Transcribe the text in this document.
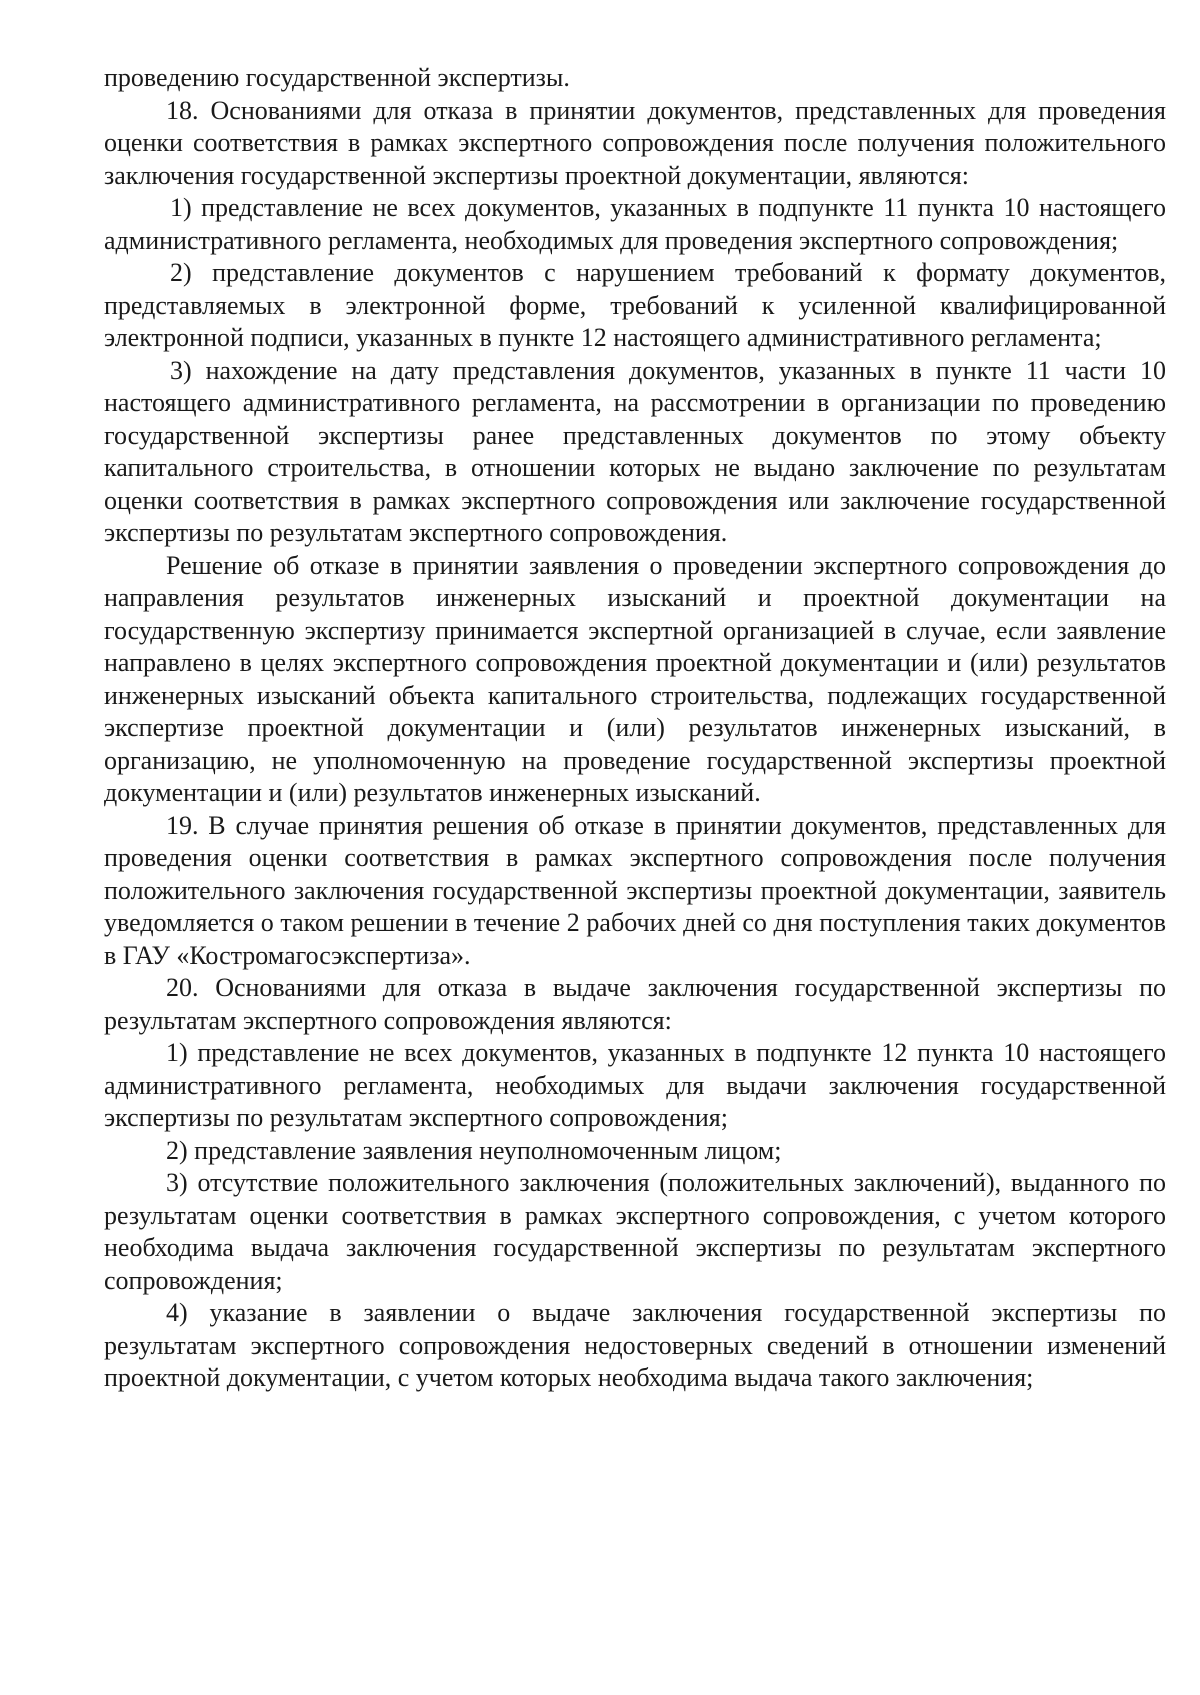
проведению государственной экспертизы.

18. Основаниями для отказа в принятии документов, представленных для проведения оценки соответствия в рамках экспертного сопровождения после получения положительного заключения государственной экспертизы проектной документации, являются:

1) представление не всех документов, указанных в подпункте 11 пункта 10 настоящего административного регламента, необходимых для проведения экспертного сопровождения;

2) представление документов с нарушением требований к формату документов, представляемых в электронной форме, требований к усиленной квалифицированной электронной подписи, указанных в пункте 12 настоящего административного регламента;

3) нахождение на дату представления документов, указанных в пункте 11 части 10 настоящего административного регламента, на рассмотрении в организации по проведению государственной экспертизы ранее представленных документов по этому объекту капитального строительства, в отношении которых не выдано заключение по результатам оценки соответствия в рамках экспертного сопровождения или заключение государственной экспертизы по результатам экспертного сопровождения.

Решение об отказе в принятии заявления о проведении экспертного сопровождения до направления результатов инженерных изысканий и проектной документации на государственную экспертизу принимается экспертной организацией в случае, если заявление направлено в целях экспертного сопровождения проектной документации и (или) результатов инженерных изысканий объекта капитального строительства, подлежащих государственной экспертизе проектной документации и (или) результатов инженерных изысканий, в организацию, не уполномоченную на проведение государственной экспертизы проектной документации и (или) результатов инженерных изысканий.

19. В случае принятия решения об отказе в принятии документов, представленных для проведения оценки соответствия в рамках экспертного сопровождения после получения положительного заключения государственной экспертизы проектной документации, заявитель уведомляется о таком решении в течение 2 рабочих дней со дня поступления таких документов в ГАУ «Костромагосэкспертиза».

20. Основаниями для отказа в выдаче заключения государственной экспертизы по результатам экспертного сопровождения являются:

1) представление не всех документов, указанных в подпункте 12 пункта 10 настоящего административного регламента, необходимых для выдачи заключения государственной экспертизы по результатам экспертного сопровождения;

2) представление заявления неуполномоченным лицом;

3) отсутствие положительного заключения (положительных заключений), выданного по результатам оценки соответствия в рамках экспертного сопровождения, с учетом которого необходима выдача заключения государственной экспертизы по результатам экспертного сопровождения;

4) указание в заявлении о выдаче заключения государственной экспертизы по результатам экспертного сопровождения недостоверных сведений в отношении изменений проектной документации, с учетом которых необходима выдача такого заключения;
